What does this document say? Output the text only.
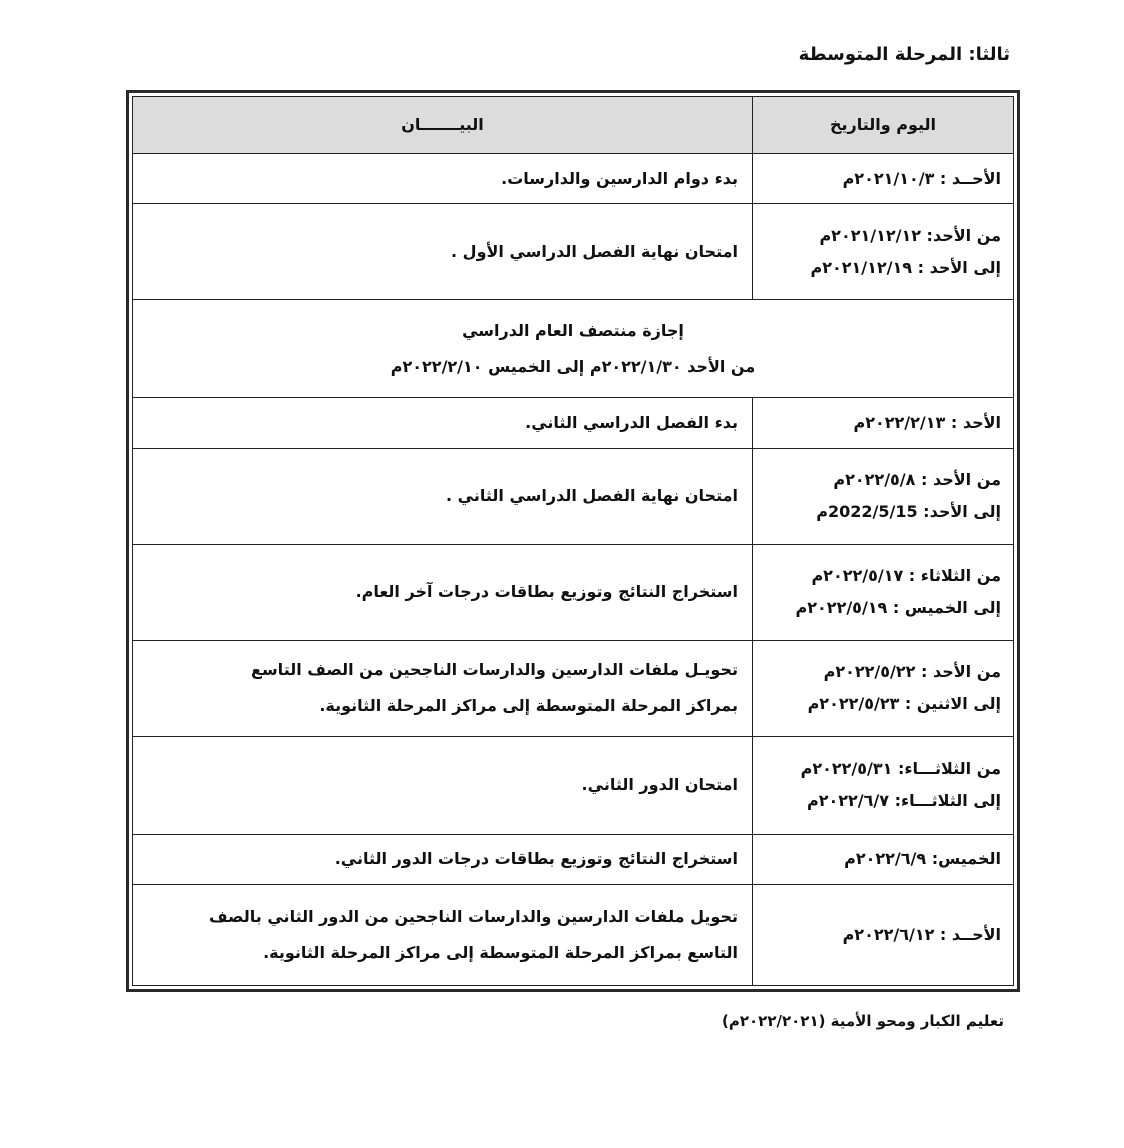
ثالثا: المرحلة المتوسطة
اليوم والتاريخ	البيـــــــان

الأحــد : ٢٠٢١/١٠/٣م	بدء دوام الدارسين والدارسات.

من الأحد: ٢٠٢١/١٢/١٢م
إلى الأحد : ٢٠٢١/١٢/١٩م	امتحان نهاية الفصل الدراسي الأول .

إجازة منتصف العام الدراسي
من الأحد ٢٠٢٢/١/٣٠م إلى الخميس ٢٠٢٢/٢/١٠م	

الأحد : ٢٠٢٢/٢/١٣م	بدء الفصل الدراسي الثاني.

من الأحد : ٢٠٢٢/٥/٨م
إلى الأحد: 2022/5/15م	امتحان نهاية الفصل الدراسي الثاني .

من الثلاثاء : ٢٠٢٢/٥/١٧م
إلى الخميس : ٢٠٢٢/٥/١٩م	استخراج النتائج وتوزيع بطاقات درجات آخر العام.

من الأحد : ٢٠٢٢/٥/٢٢م
إلى الاثنين : ٢٠٢٢/٥/٢٣م	تحويـل ملفات الدارسين والدارسات الناجحين من الصف التاسع
بمراكز المرحلة المتوسطة إلى مراكز المرحلة الثانوية.

من الثلاثـــاء: ٢٠٢٢/٥/٣١م
إلى الثلاثـــاء: ٢٠٢٢/٦/٧م	امتحان الدور الثاني.

الخميس: ٢٠٢٢/٦/٩م	استخراج النتائج وتوزيع بطاقات درجات الدور الثاني.

الأحــد : ٢٠٢٢/٦/١٢م	تحويل ملفات الدارسين والدارسات الناجحين من الدور الثاني بالصف
التاسع بمراكز المرحلة المتوسطة إلى مراكز المرحلة الثانوية.
تعليم الكبار ومحو الأمية (٢٠٢٢/٢٠٢١م)
